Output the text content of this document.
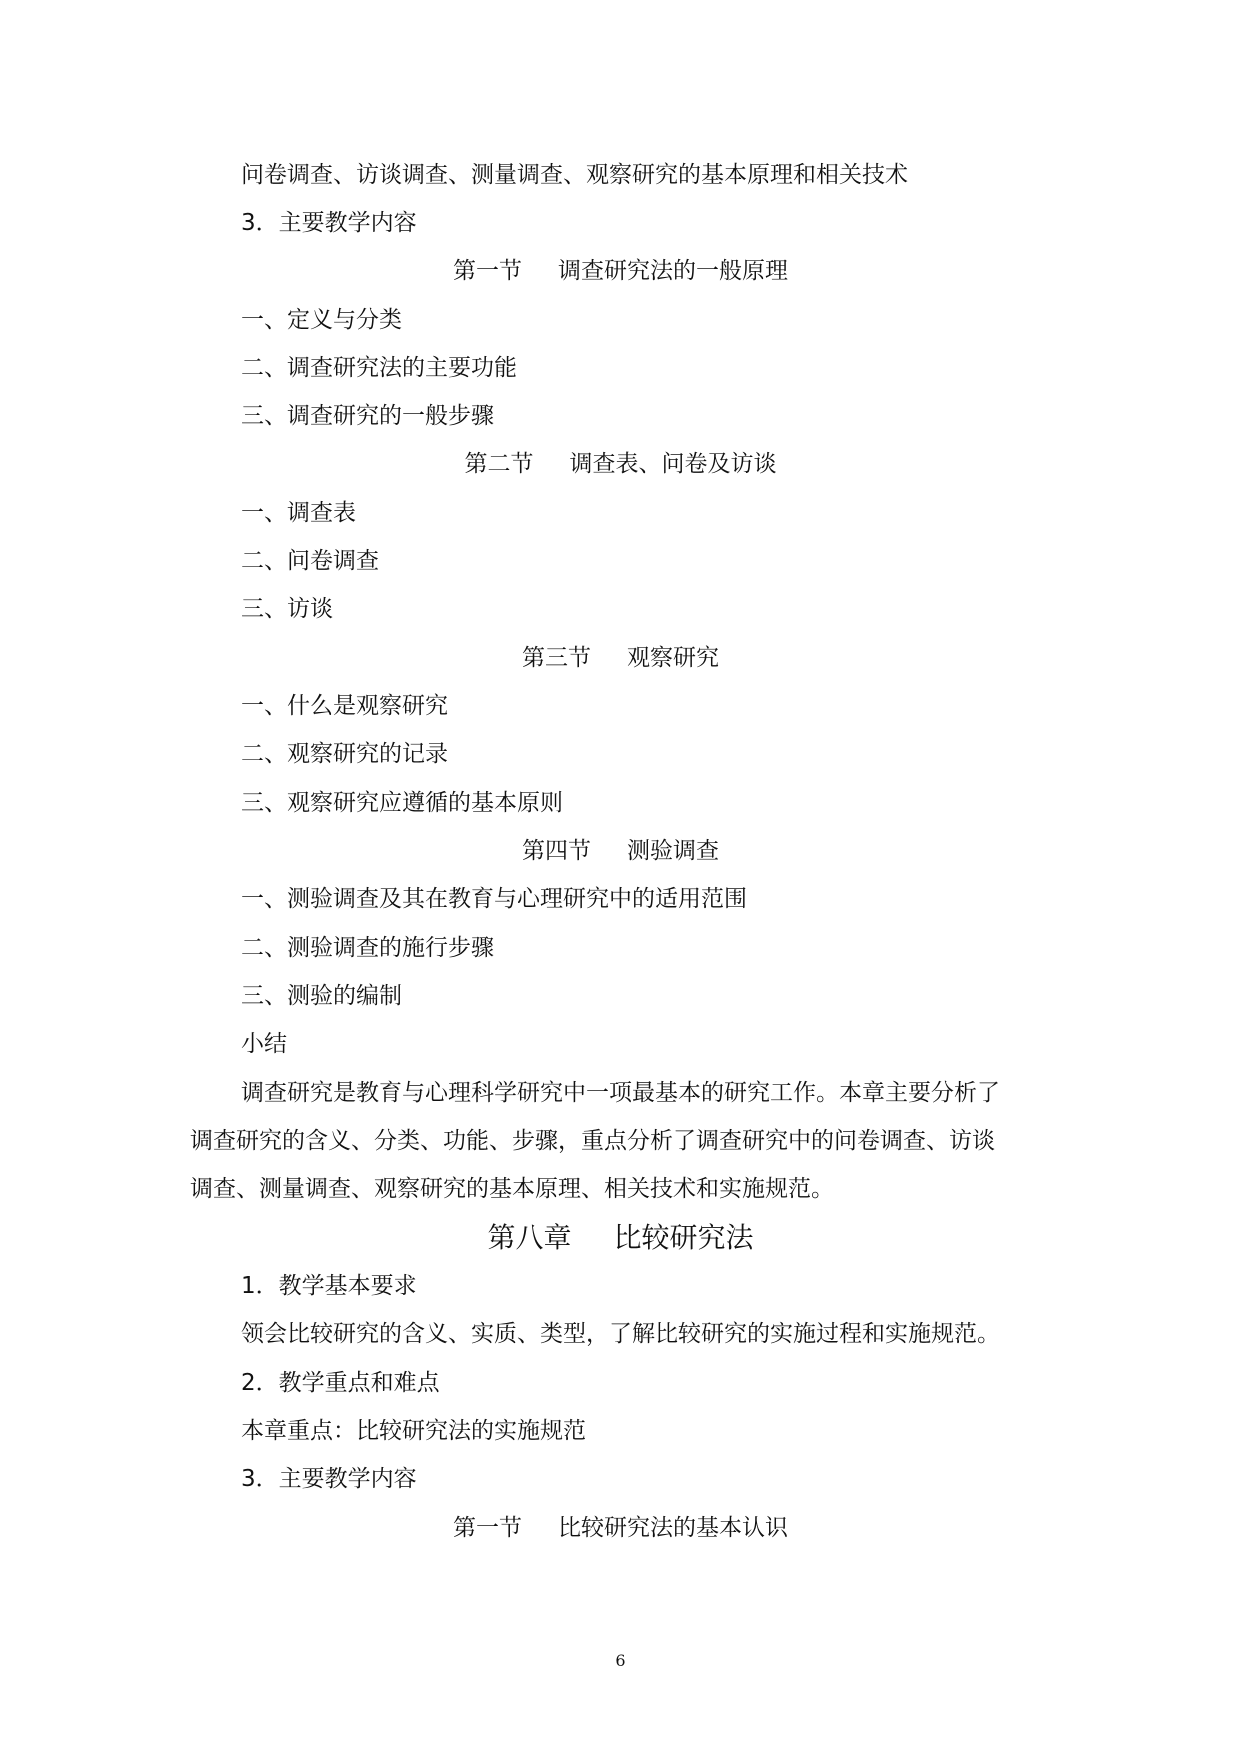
问卷调查、访谈调查、测量调查、观察研究的基本原理和相关技术
3．主要教学内容
第一节 调查研究法的一般原理
一、定义与分类
二、调查研究法的主要功能
三、调查研究的一般步骤
第二节 调查表、问卷及访谈
一、调查表
二、问卷调查
三、访谈
第三节 观察研究
一、什么是观察研究
二、观察研究的记录
三、观察研究应遵循的基本原则
第四节 测验调查
一、测验调查及其在教育与心理研究中的适用范围
二、测验调查的施行步骤
三、测验的编制
小结
调查研究是教育与心理科学研究中一项最基本的研究工作。本章主要分析了
调查研究的含义、分类、功能、步骤，重点分析了调查研究中的问卷调查、访谈
调查、测量调查、观察研究的基本原理、相关技术和实施规范。
第八章 比较研究法
1．教学基本要求
领会比较研究的含义、实质、类型，了解比较研究的实施过程和实施规范。
2．教学重点和难点
本章重点：比较研究法的实施规范
3．主要教学内容
第一节 比较研究法的基本认识
6
